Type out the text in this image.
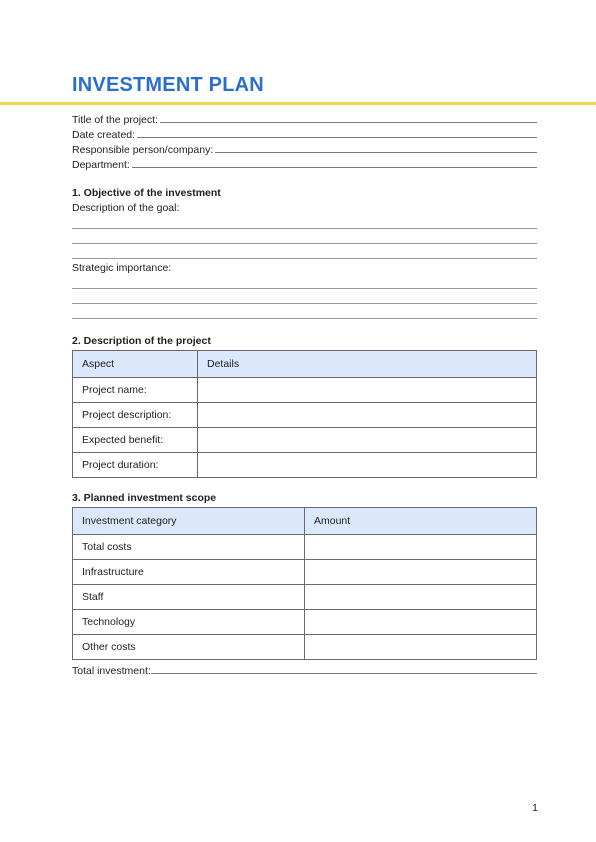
INVESTMENT PLAN
Title of the project:
Date created:
Responsible person/company:
Department:
1. Objective of the investment
Description of the goal:
Strategic importance:
2. Description of the project
Aspect	Details
Project name:	
Project description:	
Expected benefit:	
Project duration:	
3. Planned investment scope
Investment category	Amount
Total costs	
Infrastructure	
Staff	
Technology	
Other costs	
Total investment:
1
